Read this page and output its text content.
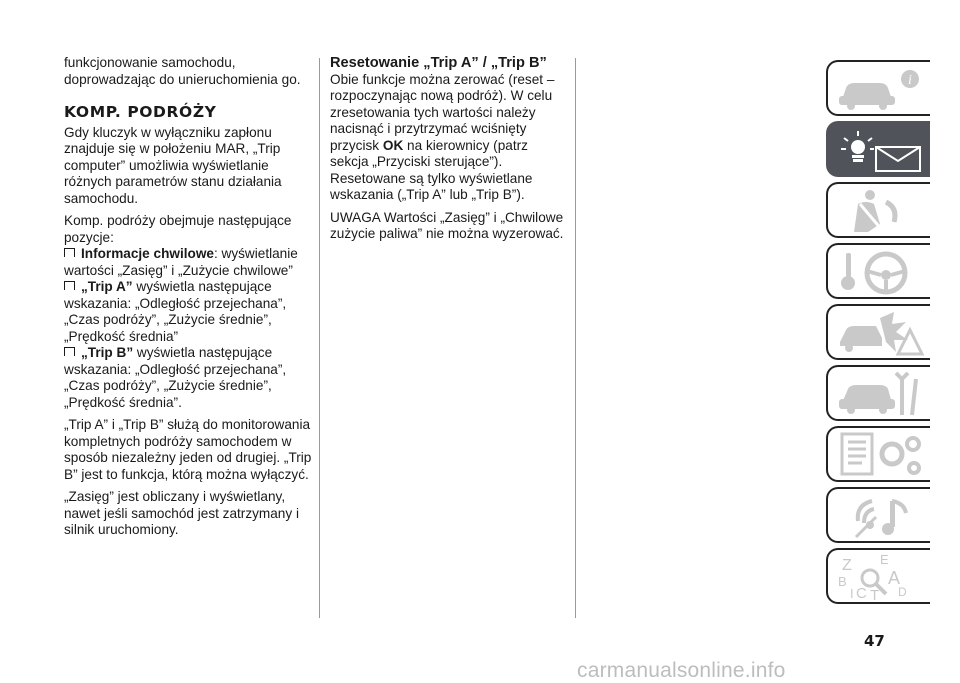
funkcjonowanie samochodu, doprowadzając do unieruchomienia go.

KOMP. PODRÓŻY

Gdy kluczyk w wyłączniku zapłonu znajduje się w położeniu MAR, „Trip computer” umożliwia wyświetlanie różnych parametrów stanu działania samochodu.

Komp. podróży obejmuje następujące pozycje:

Informacje chwilowe: wyświetlanie wartości „Zasięg” i „Zużycie chwilowe”
„Trip A” wyświetla następujące wskazania: „Odległość przejechana”, „Czas podróży”, „Zużycie średnie”, „Prędkość średnia”
„Trip B” wyświetla następujące wskazania: „Odległość przejechana”, „Czas podróży”, „Zużycie średnie”, „Prędkość średnia”.

„Trip A” i „Trip B” służą do monitorowania kompletnych podróży samochodem w sposób niezależny jeden od drugiej. „Trip B” jest to funkcja, którą można wyłączyć.

„Zasięg” jest obliczany i wyświetlany, nawet jeśli samochód jest zatrzymany i silnik uruchomiony.

Resetowanie „Trip A” / „Trip B”

Obie funkcje można zerować (reset – rozpoczynając nową podróż). W celu zresetowania tych wartości należy nacisnąć i przytrzymać wciśnięty przycisk OK na kierownicy (patrz sekcja „Przyciski sterujące”). Resetowane są tylko wyświetlane wskazania („Trip A” lub „Trip B”).

UWAGA Wartości „Zasięg” i „Chwilowe zużycie paliwa” nie można wyzerować.

i
Z E
A
B
C T D
I
47
carmanualsonline.info
